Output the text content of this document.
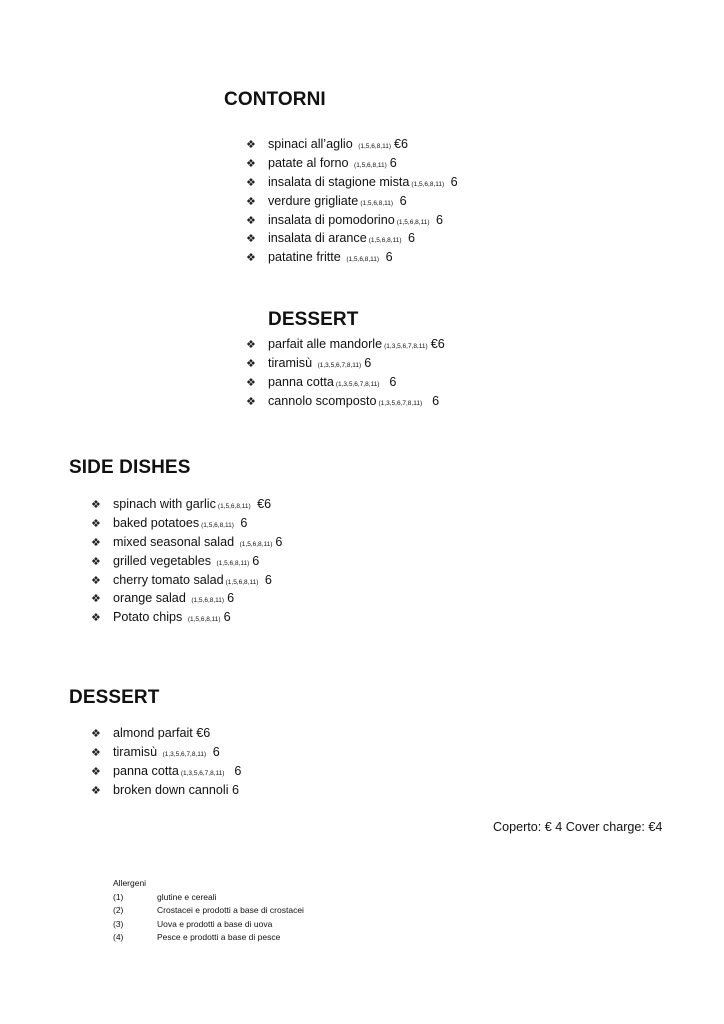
CONTORNI
❖ spinaci all’aglio (1,5,6,8,11) €6
❖ patate al forno (1,5,6,8,11) 6
❖ insalata di stagione mista (1,5,6,8,11) 6
❖ verdure grigliate (1,5,6,8,11) 6
❖ insalata di pomodorino (1,5,6,8,11) 6
❖ insalata di arance (1,5,6,8,11) 6
❖ patatine fritte (1,5,6,8,11) 6
DESSERT
❖ parfait alle mandorle (1,3,5,6,7,8,11) €6
❖ tiramisù (1,3,5,6,7,8,11) 6
❖ panna cotta (1,3,5,6,7,8,11) 6
❖ cannolo scomposto (1,3,5,6,7,8,11) 6
SIDE DISHES
❖ spinach with garlic (1,5,6,8,11) €6
❖ baked potatoes (1,5,6,8,11) 6
❖ mixed seasonal salad (1,5,6,8,11) 6
❖ grilled vegetables (1,5,6,8,11) 6
❖ cherry tomato salad (1,5,6,8,11) 6
❖ orange salad (1,5,6,8,11) 6
❖ Potato chips (1,5,6,8,11) 6
DESSERT
❖ almond parfait €6
❖ tiramisù (1,3,5,6,7,8,11) 6
❖ panna cotta (1,3,5,6,7,8,11) 6
❖ broken down cannoli 6
Coperto: € 4 Cover charge: €4
Allergeni
(1)	glutine e cereali
(2)	Crostacei e prodotti a base di crostacei
(3)	Uova e prodotti a base di uova
(4)	Pesce e prodotti a base di pesce
